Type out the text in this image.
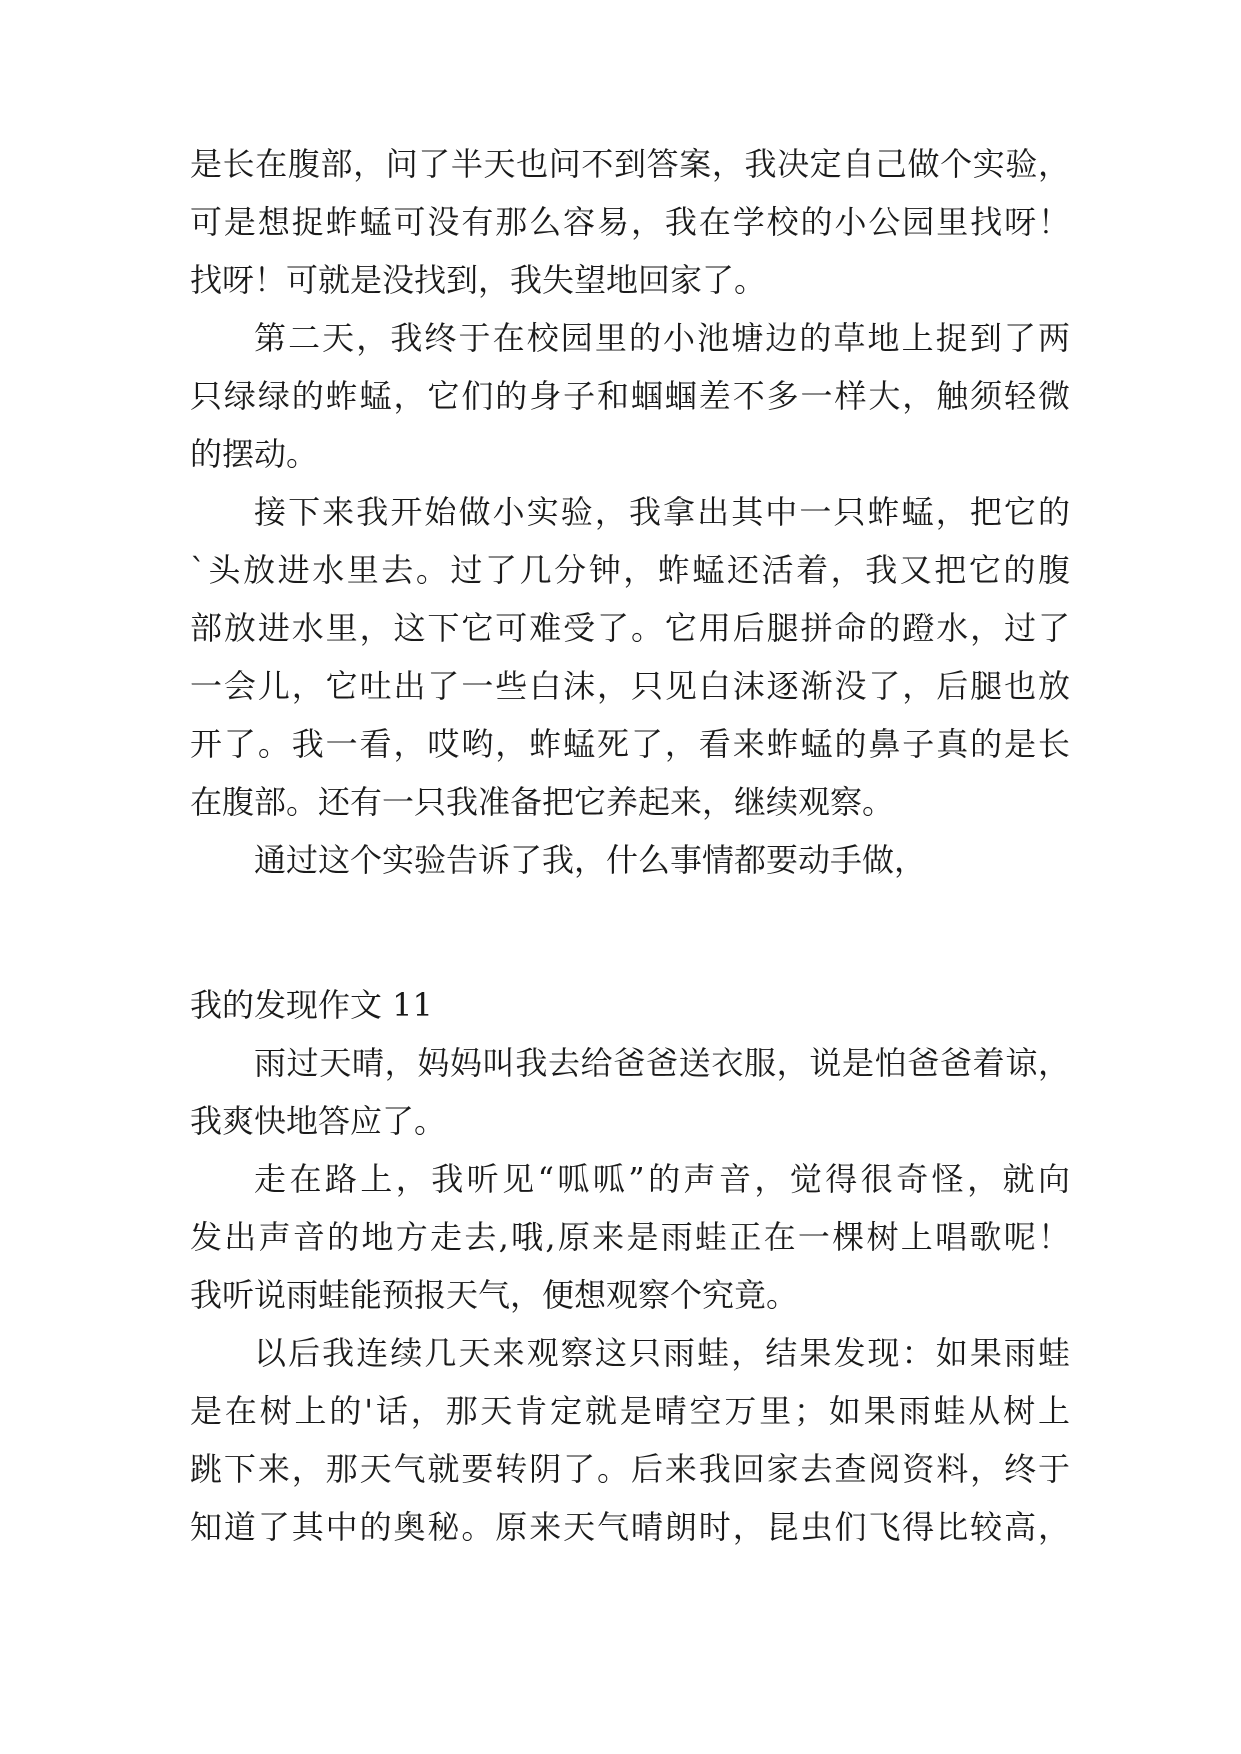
是长在腹部，问了半天也问不到答案，我决定自己做个实验，
可是想捉蚱蜢可没有那么容易，我在学校的小公园里找呀！
找呀！可就是没找到，我失望地回家了。
第二天，我终于在校园里的小池塘边的草地上捉到了两
只绿绿的蚱蜢，它们的身子和蝈蝈差不多一样大，触须轻微
的摆动。
接下来我开始做小实验，我拿出其中一只蚱蜢，把它的
`头放进水里去。过了几分钟，蚱蜢还活着，我又把它的腹
部放进水里，这下它可难受了。它用后腿拼命的蹬水，过了
一会儿，它吐出了一些白沫，只见白沫逐渐没了，后腿也放
开了。我一看，哎哟，蚱蜢死了，看来蚱蜢的鼻子真的是长
在腹部。还有一只我准备把它养起来，继续观察。
通过这个实验告诉了我，什么事情都要动手做，
我的发现作文 11
雨过天晴，妈妈叫我去给爸爸送衣服，说是怕爸爸着谅，
我爽快地答应了。
走在路上，我听见“呱呱”的声音，觉得很奇怪，就向
发出声音的地方走去,哦,原来是雨蛙正在一棵树上唱歌呢！
我听说雨蛙能预报天气，便想观察个究竟。
以后我连续几天来观察这只雨蛙，结果发现：如果雨蛙
是在树上的'话，那天肯定就是晴空万里；如果雨蛙从树上
跳下来，那天气就要转阴了。后来我回家去查阅资料，终于
知道了其中的奥秘。原来天气晴朗时，昆虫们飞得比较高，
